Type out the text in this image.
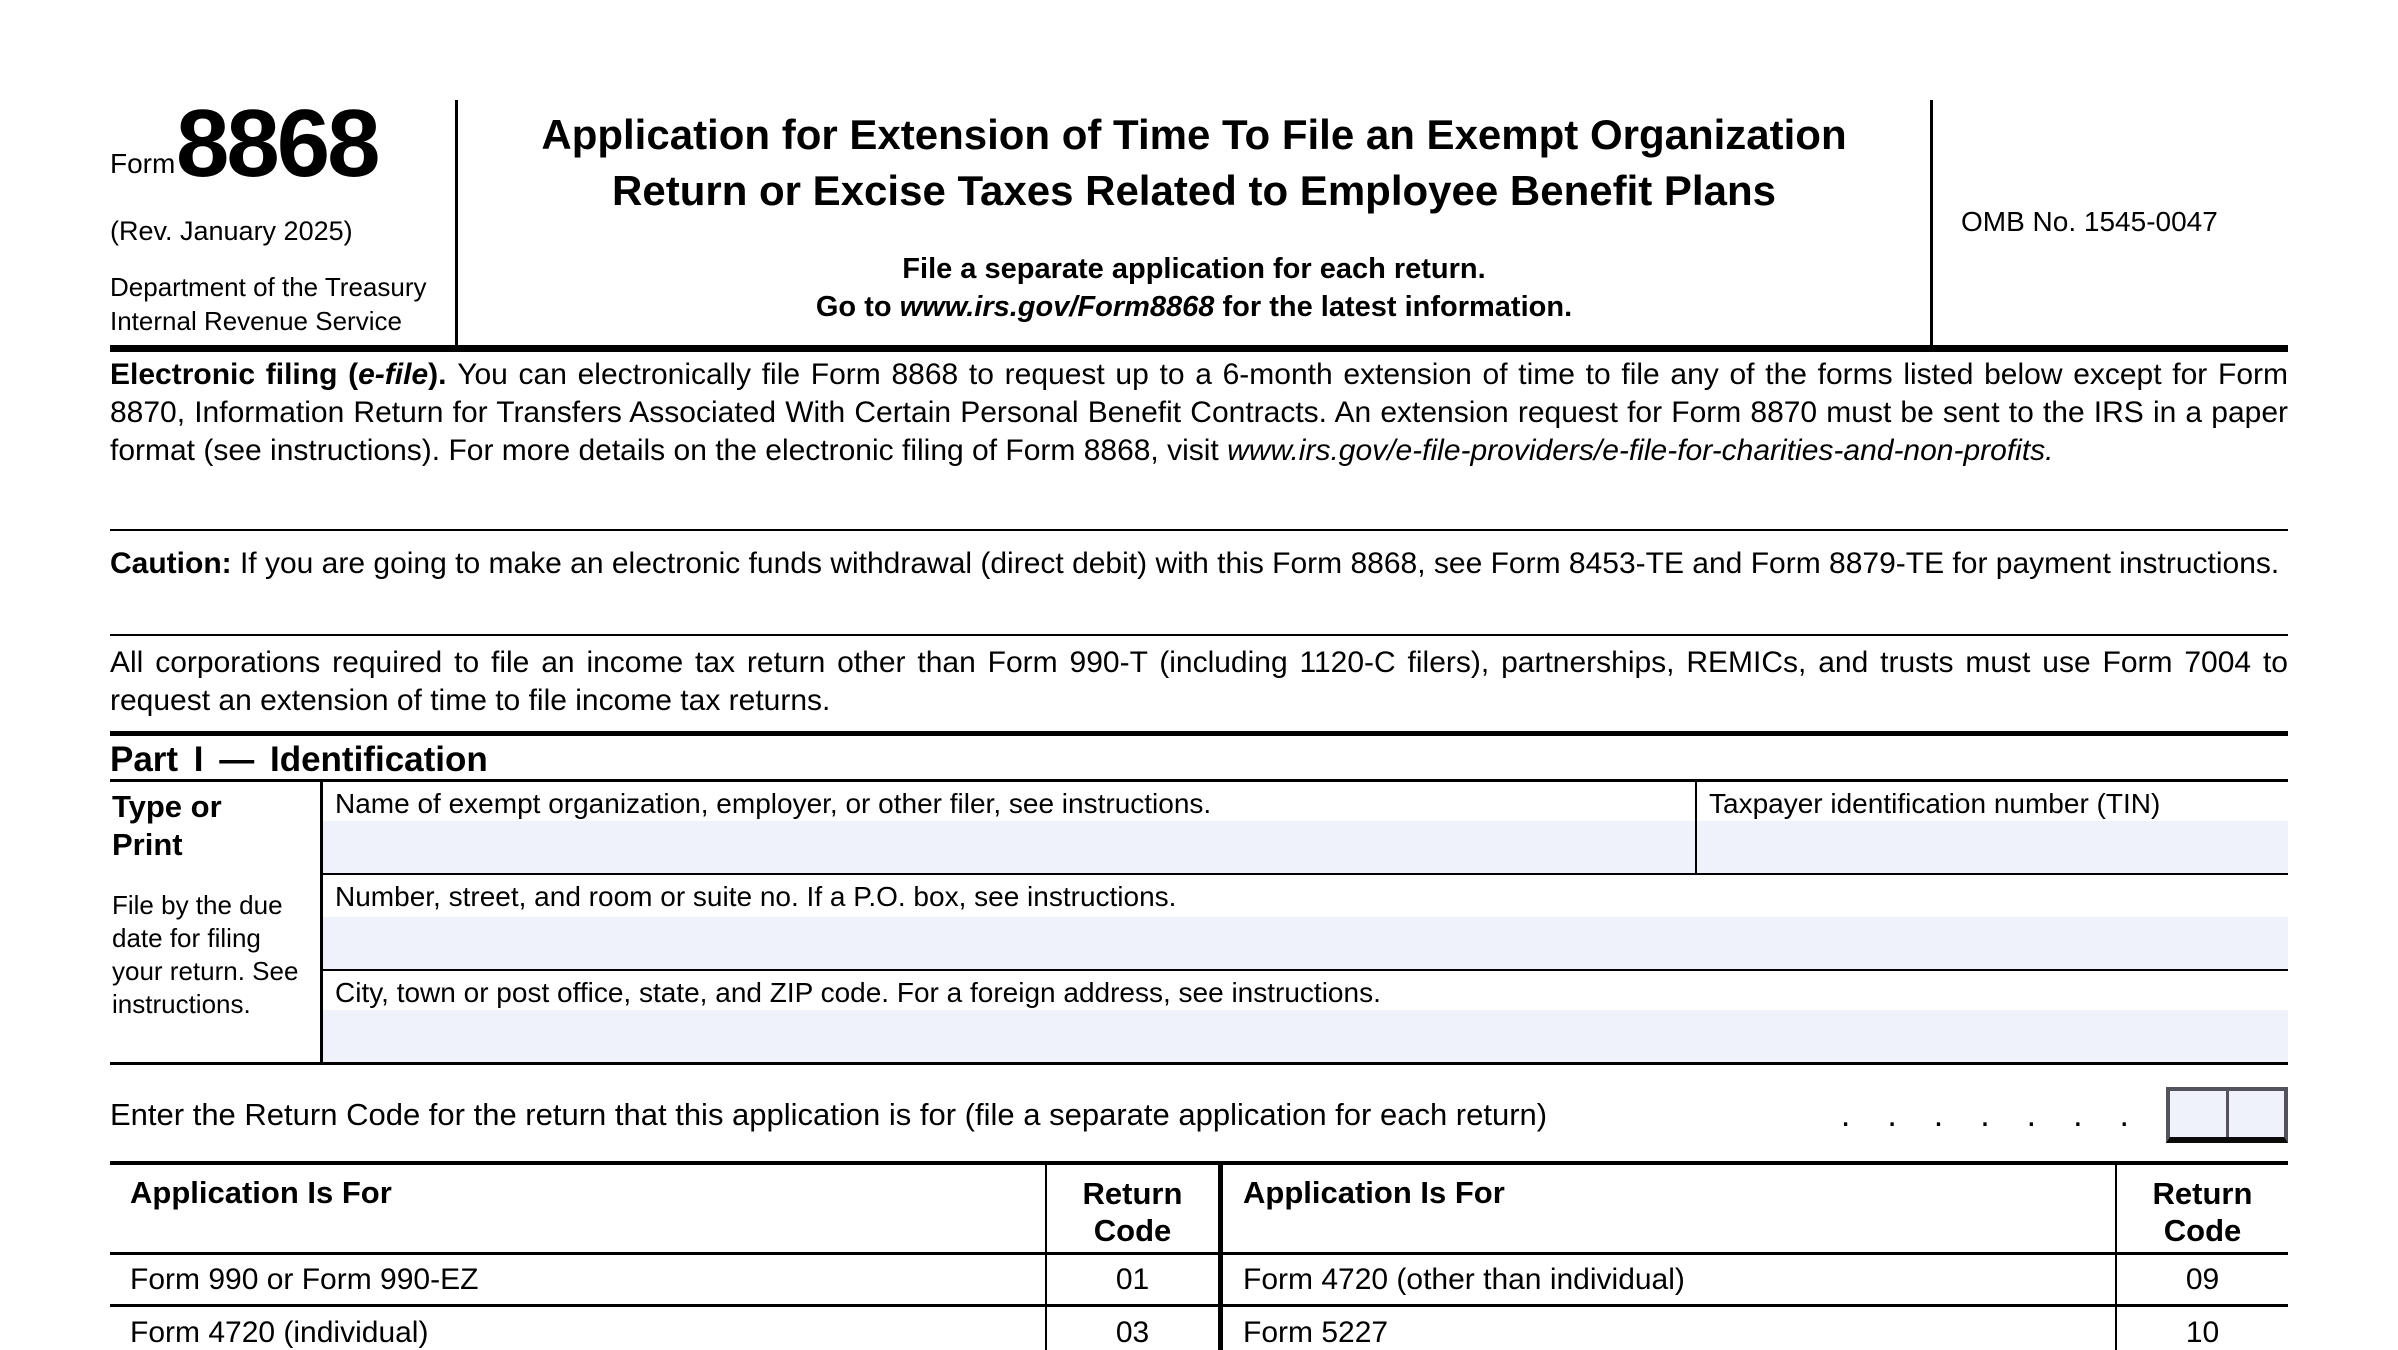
Form 8868
(Rev. January 2025)
Department of the Treasury
Internal Revenue Service
Application for Extension of Time To File an Exempt Organization
Return or Excise Taxes Related to Employee Benefit Plans
File a separate application for each return.
Go to www.irs.gov/Form8868 for the latest information.
OMB No. 1545-0047

Electronic filing (e-file). You can electronically file Form 8868 to request up to a 6-month extension of time to file any of the forms listed below except for Form 8870, Information Return for Transfers Associated With Certain Personal Benefit Contracts. An extension request for Form 8870 must be sent to the IRS in a paper format (see instructions). For more details on the electronic filing of Form 8868, visit www.irs.gov/e-file-providers/e-file-for-charities-and-non-profits.

Caution: If you are going to make an electronic funds withdrawal (direct debit) with this Form 8868, see Form 8453-TE and Form 8879-TE for payment instructions.

All corporations required to file an income tax return other than Form 990-T (including 1120-C filers), partnerships, REMICs, and trusts must use Form 7004 to request an extension of time to file income tax returns.

Part I — Identification
Type or
Print
File by the due date for filing your return. See instructions.
Name of exempt organization, employer, or other filer, see instructions.	Taxpayer identification number (TIN)
Number, street, and room or suite no. If a P.O. box, see instructions.
City, town or post office, state, and ZIP code. For a foreign address, see instructions.
Enter the Return Code for the return that this application is for (file a separate application for each return)	.......
Application Is For	Return
Code
Application Is For	Return
Code
Form 990 or Form 990-EZ	01	Form 4720 (other than individual)	09
Form 4720 (individual)	03	Form 5227	10
